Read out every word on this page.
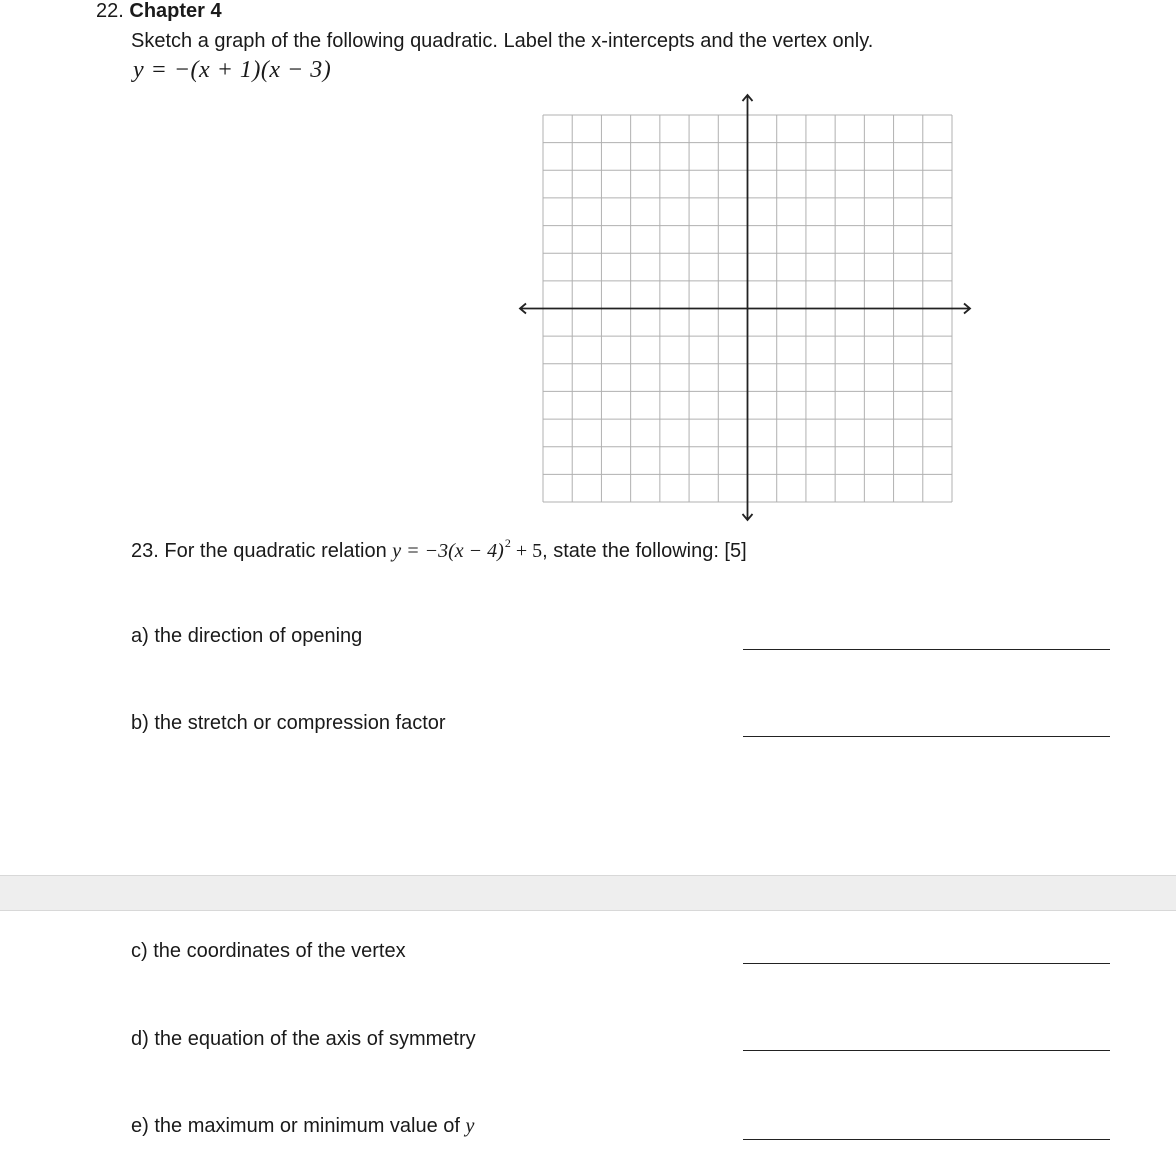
22. Chapter 4
Sketch a graph of the following quadratic. Label the x-intercepts and the vertex only.
y = −(x + 1)(x − 3)
23. For the quadratic relation $y = -3(x - 4)^2 + 5$, state the following: [5]
a) the direction of opening
b) the stretch or compression factor
c) the coordinates of the vertex
d) the equation of the axis of symmetry
e) the maximum or minimum value of y
